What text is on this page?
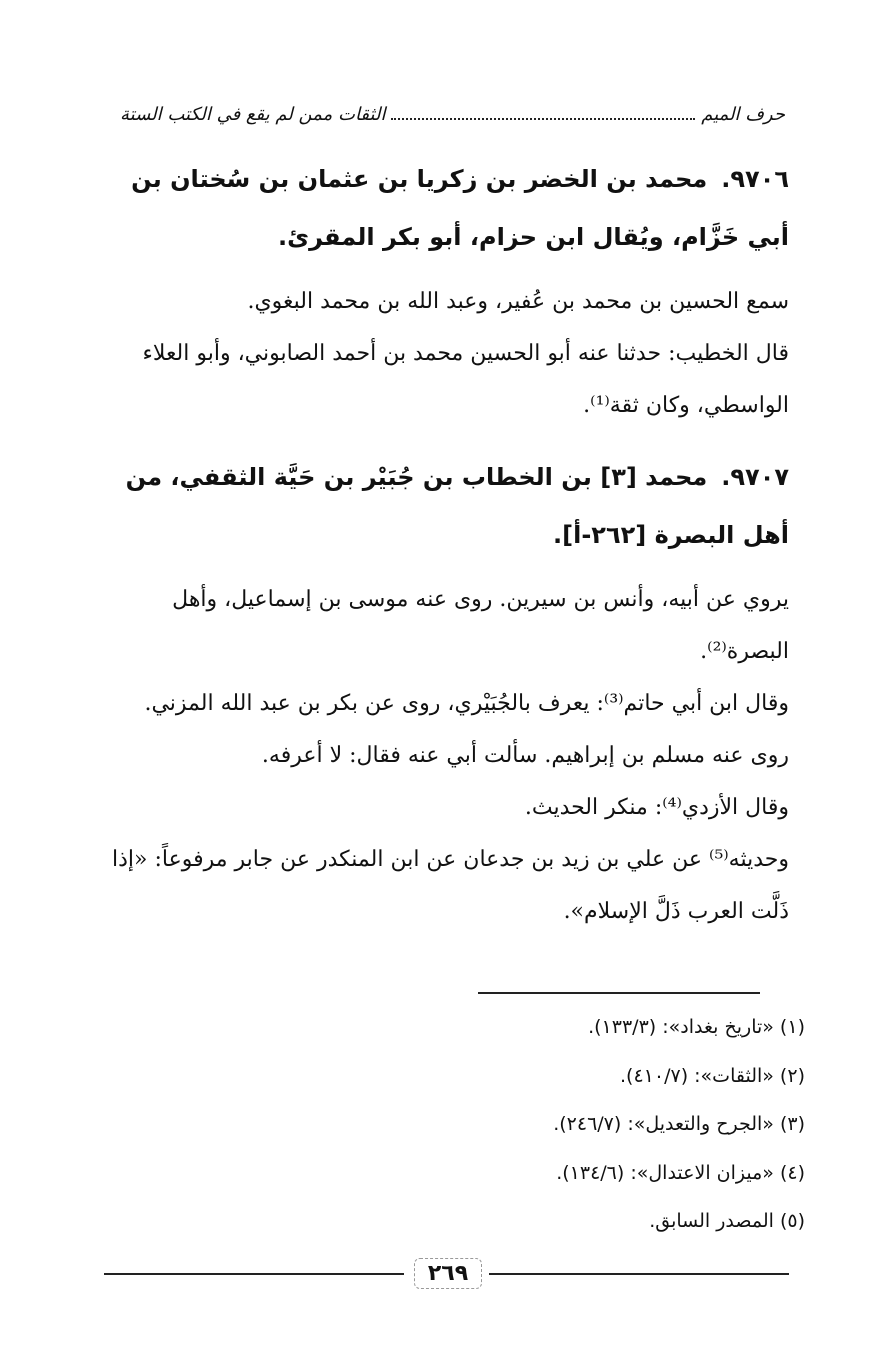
حرف الميم
الثقات ممن لم يقع في الكتب الستة

٩٧٠٦.محمد بن الخضر بن زكريا بن عثمان بن سُختان بن أبي خَزَّام، ويُقال ابن حزام، أبو بكر المقرئ.

سمع الحسين بن محمد بن عُفير، وعبد الله بن محمد البغوي.

قال الخطيب: حدثنا عنه أبو الحسين محمد بن أحمد الصابوني، وأبو العلاء الواسطي، وكان ثقة⁽¹⁾.

٩٧٠٧.محمد [٣] بن الخطاب بن جُبَيْر بن حَيَّة الثقفي، من أهل البصرة [٢٦٢-أ].

يروي عن أبيه، وأنس بن سيرين. روى عنه موسى بن إسماعيل، وأهل البصرة⁽²⁾.

وقال ابن أبي حاتم⁽³⁾: يعرف بالجُبَيْري، روى عن بكر بن عبد الله المزني. روى عنه مسلم بن إبراهيم. سألت أبي عنه فقال: لا أعرفه.

وقال الأزدي⁽⁴⁾: منكر الحديث.

وحديثه⁽⁵⁾ عن علي بن زيد بن جدعان عن ابن المنكدر عن جابر مرفوعاً: «إذا ذَلَّت العرب ذَلَّ الإسلام».

(١) «تاريخ بغداد»: (١٣٣/٣).

(٢) «الثقات»: (٤١٠/٧).

(٣) «الجرح والتعديل»: (٢٤٦/٧).

(٤) «ميزان الاعتدال»: (١٣٤/٦).

(٥) المصدر السابق.

٢٦٩
